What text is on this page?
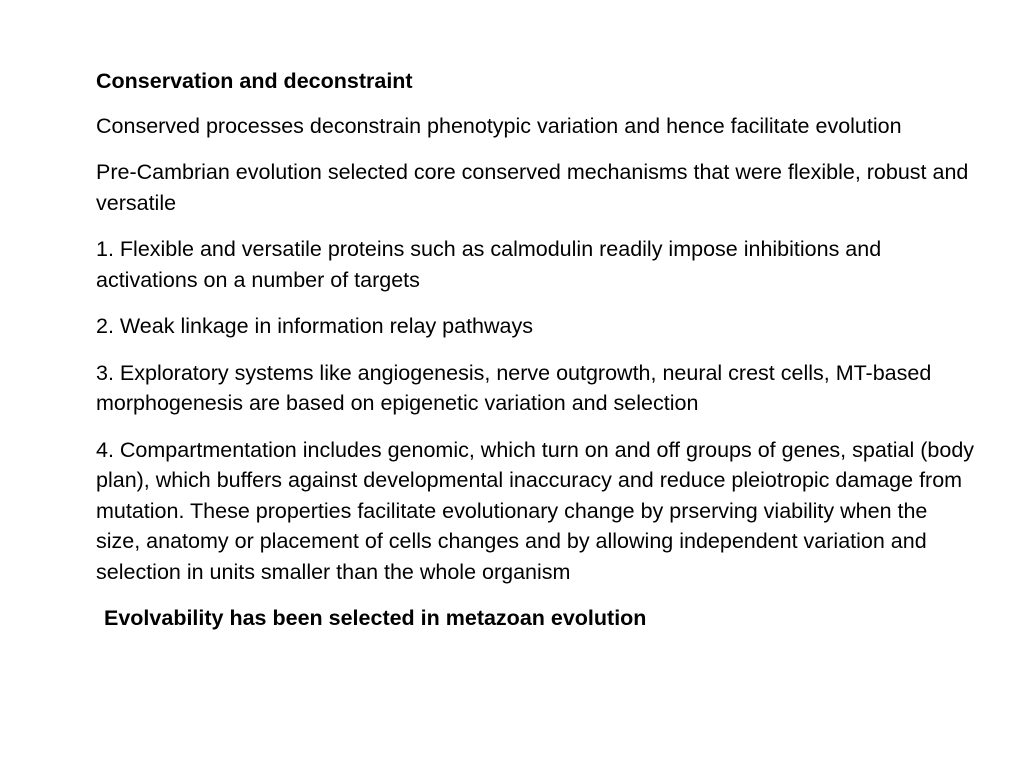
Conservation and deconstraint

Conserved processes deconstrain phenotypic variation and hence facilitate evolution

Pre-Cambrian evolution selected core conserved mechanisms that were flexible, robust and versatile

1. Flexible and versatile proteins such as calmodulin readily impose inhibitions and activations on a number of targets

2. Weak linkage in information relay pathways

3. Exploratory systems like angiogenesis, nerve outgrowth, neural crest cells, MT-based morphogenesis are based on epigenetic variation and selection

4. Compartmentation includes genomic, which turn on and off groups of genes, spatial (body plan), which buffers against developmental inaccuracy and reduce pleiotropic damage from mutation. These properties facilitate evolutionary change by prserving viability when the size, anatomy or placement of cells changes and by allowing independent variation and selection in units smaller than the whole organism

Evolvability has been selected in metazoan evolution
